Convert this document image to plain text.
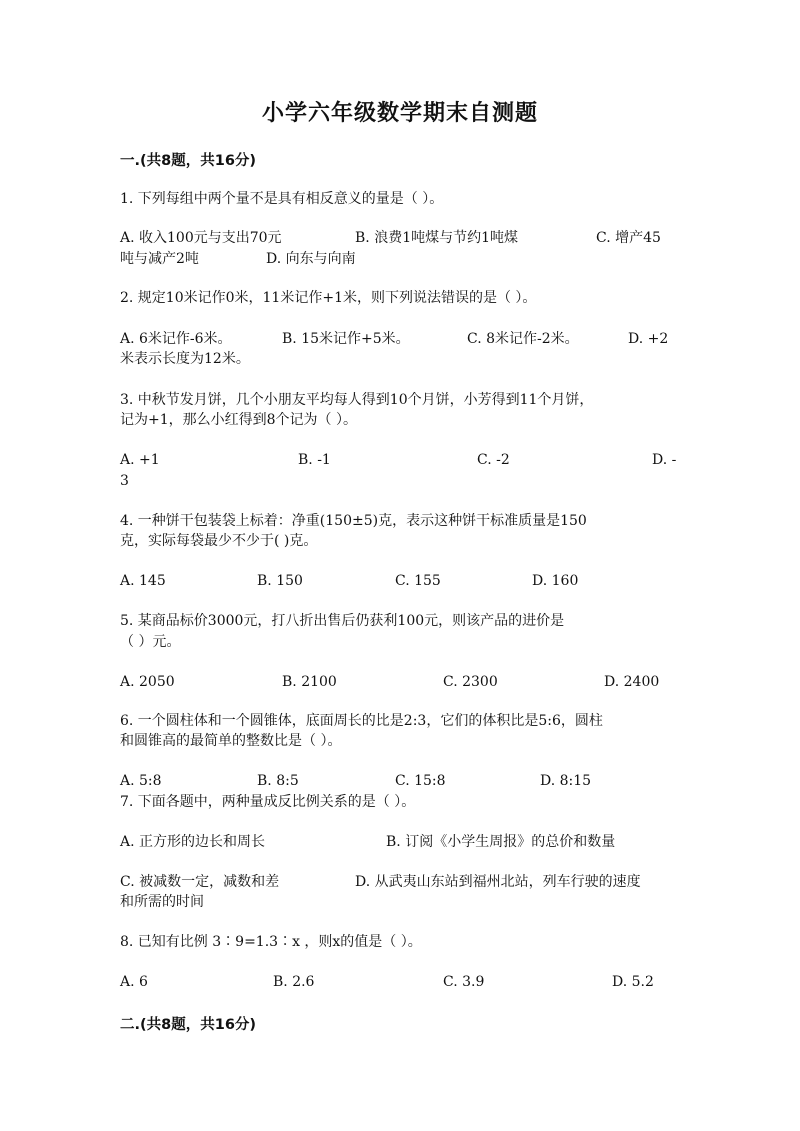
小学六年级数学期末自测题
一.(共8题，共16分)
1. 下列每组中两个量不是具有相反意义的量是（ ）。
A. 收入100元与支出70元	B. 浪费1吨煤与节约1吨煤	C. 增产45
吨与减产2吨	D. 向东与向南
2. 规定10米记作0米，11米记作+1米，则下列说法错误的是（ ）。
A. 6米记作-6米。	B. 15米记作+5米。	C. 8米记作-2米。	D. +2
米表示长度为12米。
3. 中秋节发月饼，几个小朋友平均每人得到10个月饼，小芳得到11个月饼，
记为+1，那么小红得到8个记为（ ）。
A. +1	B. -1	C. -2	D. -
3
4. 一种饼干包装袋上标着：净重(150±5)克，表示这种饼干标准质量是150
克，实际每袋最少不少于( )克。
A. 145	B. 150	C. 155	D. 160
5. 某商品标价3000元，打八折出售后仍获利100元，则该产品的进价是
（ ）元。
A. 2050	B. 2100	C. 2300	D. 2400
6. 一个圆柱体和一个圆锥体，底面周长的比是2:3，它们的体积比是5:6，圆柱
和圆锥高的最简单的整数比是（ ）。
A. 5:8	B. 8:5	C. 15:8	D. 8:15
7. 下面各题中，两种量成反比例关系的是（ ）。
A. 正方形的边长和周长	B. 订阅《小学生周报》的总价和数量
C. 被减数一定，减数和差	D. 从武夷山东站到福州北站，列车行驶的速度
和所需的时间
8. 已知有比例 3∶9=1.3∶x ，则x的值是（ ）。
A. 6	B. 2.6	C. 3.9	D. 5.2
二.(共8题，共16分)
